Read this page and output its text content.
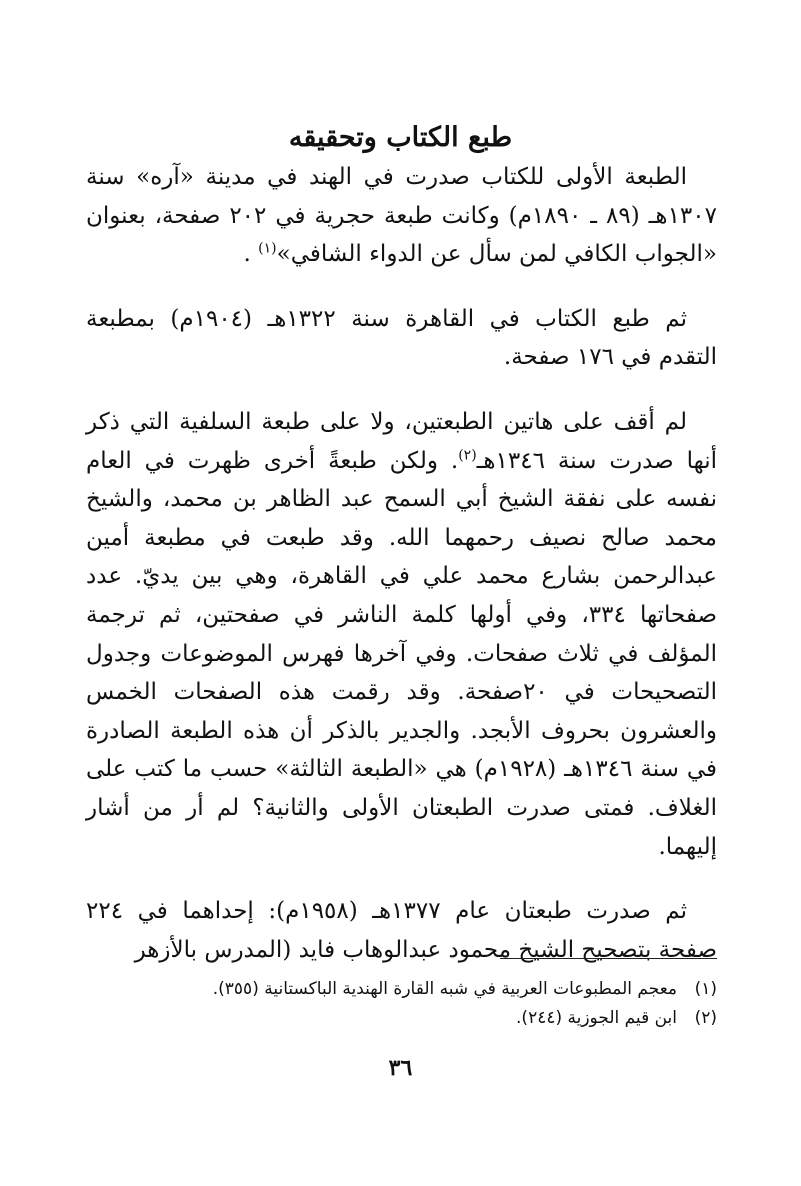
طبع الكتاب وتحقيقه

الطبعة الأولى للكتاب صدرت في الهند في مدينة «آره» سنة ١٣٠٧هـ (٨٩ ـ ١٨٩٠م) وكانت طبعة حجرية في ٢٠٢ صفحة، بعنوان «الجواب الكافي لمن سأل عن الدواء الشافي»$^{(١)}$ .

ثم طبع الكتاب في القاهرة سنة ١٣٢٢هـ (١٩٠٤م) بمطبعة التقدم في ١٧٦ صفحة.

لم أقف على هاتين الطبعتين، ولا على طبعة السلفية التي ذكر أنها صدرت سنة ١٣٤٦هـ$^{(٢)}$. ولكن طبعةً أخرى ظهرت في العام نفسه على نفقة الشيخ أبي السمح عبد الظاهر بن محمد، والشيخ محمد صالح نصيف رحمهما الله. وقد طبعت في مطبعة أمين عبدالرحمن بشارع محمد علي في القاهرة، وهي بين يديّ. عدد صفحاتها ٣٣٤، وفي أولها كلمة الناشر في صفحتين، ثم ترجمة المؤلف في ثلاث صفحات. وفي آخرها فهرس الموضوعات وجدول التصحيحات في ٢٠صفحة. وقد رقمت هذه الصفحات الخمس والعشرون بحروف الأبجد. والجدير بالذكر أن هذه الطبعة الصادرة في سنة ١٣٤٦هـ (١٩٢٨م) هي «الطبعة الثالثة» حسب ما كتب على الغلاف. فمتى صدرت الطبعتان الأولى والثانية؟ لم أر من أشار إليهما.

ثم صدرت طبعتان عام ١٣٧٧هـ (١٩٥٨م): إحداهما في ٢٢٤ صفحة بتصحيح الشيخ محمود عبدالوهاب فايد (المدرس بالأزهر

(١)معجم المطبوعات العربية في شبه القارة الهندية الباكستانية (٣٥٥).

(٢)ابن قيم الجوزية (٢٤٤).

٣٦
